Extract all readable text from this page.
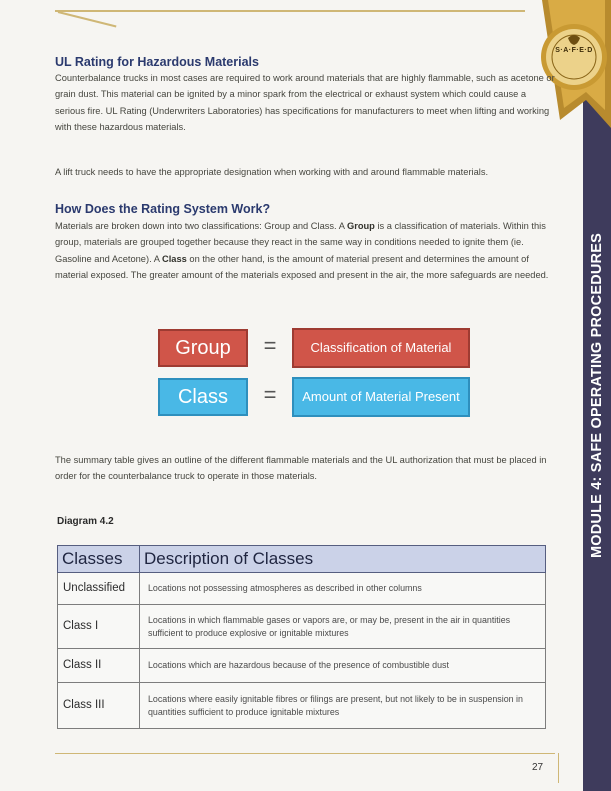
MODULE 4: SAFE OPERATING PROCEDURES
S·A·F·E·D
UL Rating for Hazardous Materials

Counterbalance trucks in most cases are required to work around materials that are highly flammable, such as acetone or grain dust. This material can be ignited by a minor spark from the electrical or exhaust system which could cause a serious fire. UL Rating (Underwriters Laboratories) has specifications for manufacturers to meet when lifting and working with these hazardous materials.

A lift truck needs to have the appropriate designation when working with and around flammable materials.

How Does the Rating System Work?

Materials are broken down into two classifications: Group and Class. A Group is a classification of materials. Within this group, materials are grouped together because they react in the same way in conditions needed to ignite them (ie. Gasoline and Acetone). A Class on the other hand, is the amount of material present and determines the amount of material exposed. The greater amount of the materials exposed and present in the air, the more safeguards are needed.

Group	=	Classification of Material
Class	=	Amount of Material Present

The summary table gives an outline of the different flammable materials and the UL authorization that must be placed in order for the counterbalance truck to operate in those materials.

Diagram 4.2

Classes	Description of Classes
Unclassified	Locations not possessing atmospheres as described in other columns
Class I	Locations in which flammable gases or vapors are, or may be, present in the air in quantities sufficient to produce explosive or ignitable mixtures
Class II	Locations which are hazardous because of the presence of combustible dust
Class III	Locations where easily ignitable fibres or filings are present, but not likely to be in suspension in quantities sufficient to produce ignitable mixtures
27
